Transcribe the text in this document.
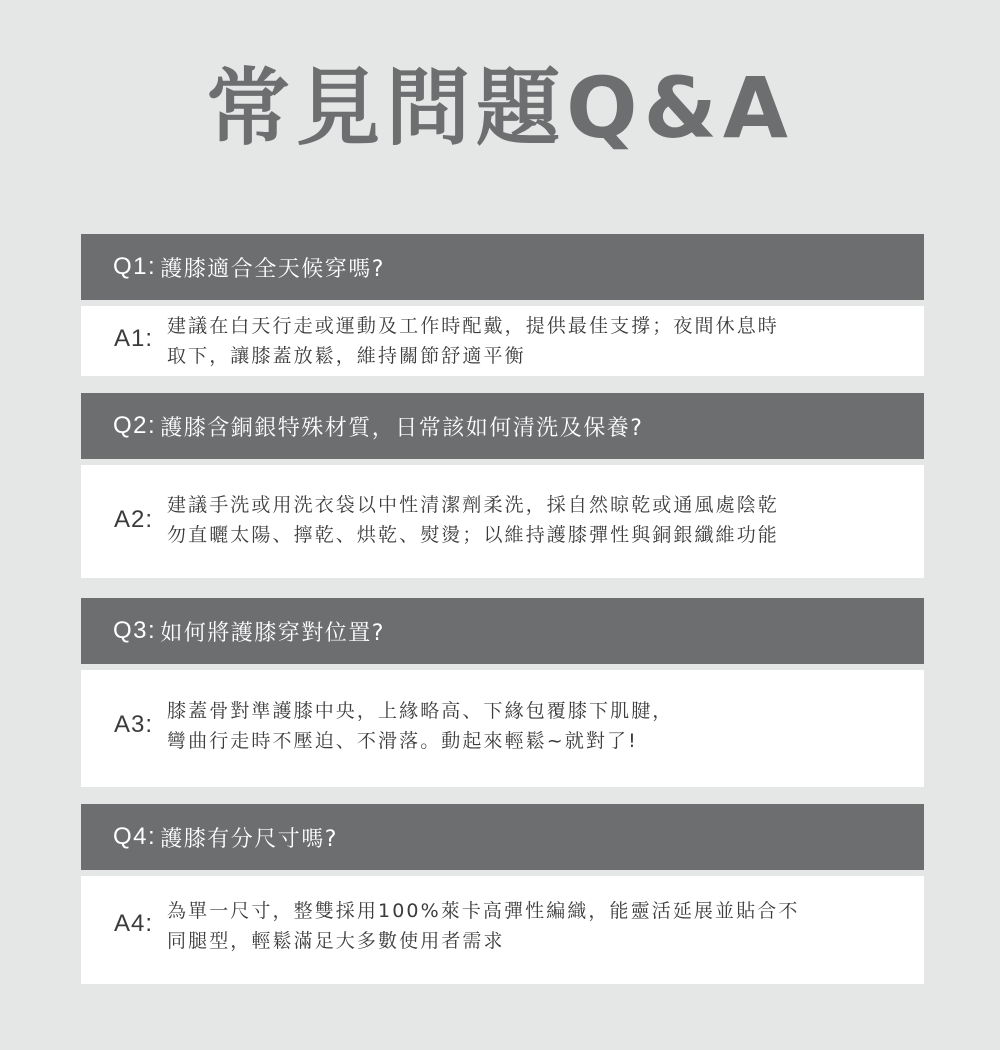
常見問題Q&A
Q1: 護膝適合全天候穿嗎?
A1: 建議在白天行走或運動及工作時配戴，提供最佳支撐；夜間休息時
取下，讓膝蓋放鬆，維持關節舒適平衡
Q2: 護膝含銅銀特殊材質，日常該如何清洗及保養?
A2:
建議手洗或用洗衣袋以中性清潔劑柔洗，採自然晾乾或通風處陰乾
勿直曬太陽、擰乾、烘乾、熨燙；以維持護膝彈性與銅銀纖維功能
Q3: 如何將護膝穿對位置?
A3: 膝蓋骨對準護膝中央，上緣略高、下緣包覆膝下肌腱，
彎曲行走時不壓迫、不滑落。動起來輕鬆~就對了!
Q4: 護膝有分尺寸嗎?
A4: 為單一尺寸，整雙採用100%萊卡高彈性編織，能靈活延展並貼合不
同腿型，輕鬆滿足大多數使用者需求
